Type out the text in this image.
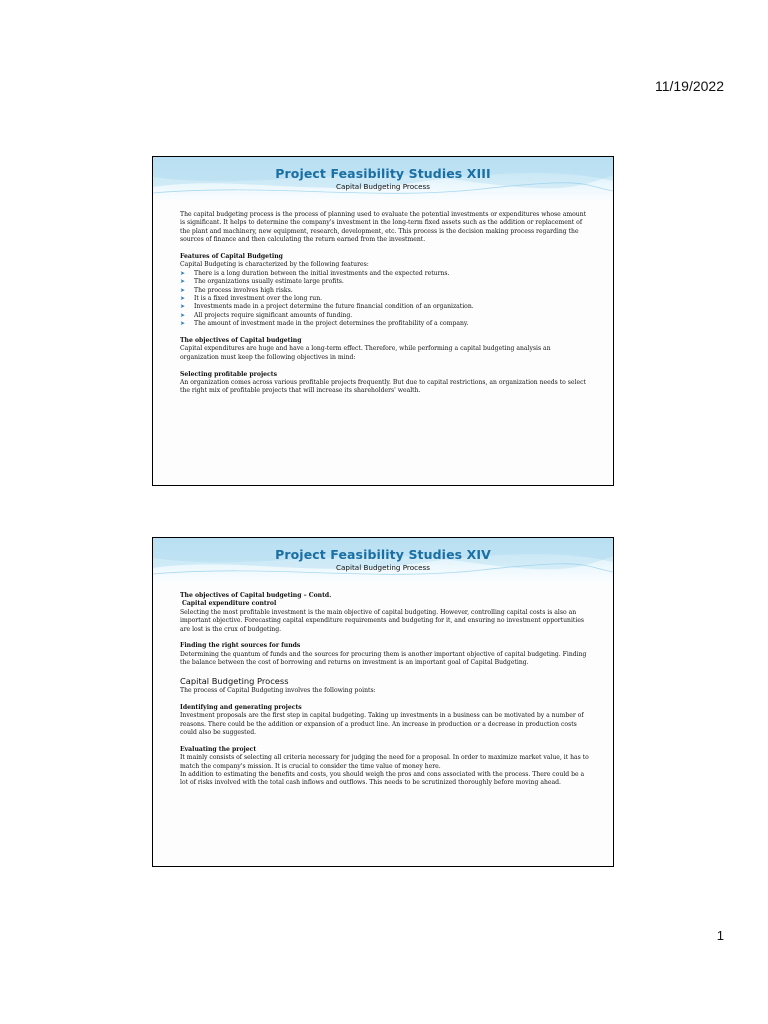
11/19/2022
Project Feasibility Studies XIII
Capital Budgeting Process

The capital budgeting process is the process of planning used to evaluate the potential investments or expenditures whose amount is significant. It helps to determine the company's investment in the long-term fixed assets such as the addition or replacement of the plant and machinery, new equipment, research, development, etc. This process is the decision making process regarding the sources of finance and then calculating the return earned from the investment.

Features of Capital Budgeting

Capital Budgeting is characterized by the following features:

➤ There is a long duration between the initial investments and the expected returns.
➤ The organizations usually estimate large profits.
➤ The process involves high risks.
➤ It is a fixed investment over the long run.
➤ Investments made in a project determine the future financial condition of an organization.
➤ All projects require significant amounts of funding.
➤ The amount of investment made in the project determines the profitability of a company.

The objectives of Capital budgeting

Capital expenditures are huge and have a long-term effect. Therefore, while performing a capital budgeting analysis an organization must keep the following objectives in mind:

Selecting profitable projects

An organization comes across various profitable projects frequently. But due to capital restrictions, an organization needs to select the right mix of profitable projects that will increase its shareholders' wealth.

Project Feasibility Studies XIV
Capital Budgeting Process

The objectives of Capital budgeting – Contd.

Capital expenditure control

Selecting the most profitable investment is the main objective of capital budgeting. However, controlling capital costs is also an important objective. Forecasting capital expenditure requirements and budgeting for it, and ensuring no investment opportunities are lost is the crux of budgeting.

Finding the right sources for funds

Determining the quantum of funds and the sources for procuring them is another important objective of capital budgeting. Finding the balance between the cost of borrowing and returns on investment is an important goal of Capital Budgeting.

Capital Budgeting Process

The process of Capital Budgeting involves the following points:

Identifying and generating projects

Investment proposals are the first step in capital budgeting. Taking up investments in a business can be motivated by a number of reasons. There could be the addition or expansion of a product line. An increase in production or a decrease in production costs could also be suggested.

Evaluating the project

It mainly consists of selecting all criteria necessary for judging the need for a proposal. In order to maximize market value, it has to match the company's mission. It is crucial to consider the time value of money here.

In addition to estimating the benefits and costs, you should weigh the pros and cons associated with the process. There could be a lot of risks involved with the total cash inflows and outflows. This needs to be scrutinized thoroughly before moving ahead.

1
